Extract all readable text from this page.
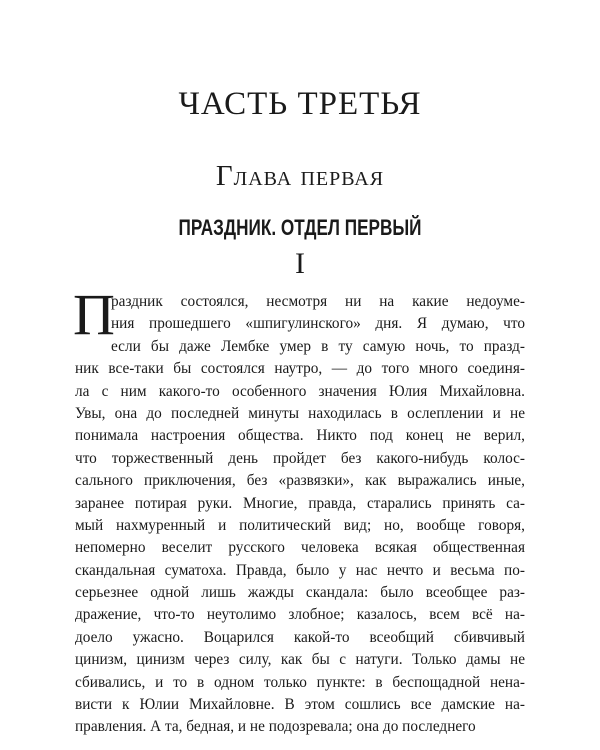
ЧАСТЬ ТРЕТЬЯ
Глава первая
ПРАЗДНИК. ОТДЕЛ ПЕРВЫЙ
I
П
раздник состоялся, несмотря ни на какие недоуме-
ния прошедшего «шпигулинского» дня. Я думаю, что
если бы даже Лембке умер в ту самую ночь, то празд-
ник все-таки бы состоялся наутро, — до того много соединя-
ла с ним какого-то особенного значения Юлия Михайловна.
Увы, она до последней минуты находилась в ослеплении и не
понимала настроения общества. Никто под конец не верил,
что торжественный день пройдет без какого-нибудь колос-
сального приключения, без «развязки», как выражались иные,
заранее потирая руки. Многие, правда, старались принять са-
мый нахмуренный и политический вид; но, вообще говоря,
непомерно веселит русского человека всякая общественная
скандальная суматоха. Правда, было у нас нечто и весьма по-
серьезнее одной лишь жажды скандала: было всеобщее раз-
дражение, что-то неутолимо злобное; казалось, всем всё на-
доело ужасно. Воцарился какой-то всеобщий сбивчивый
цинизм, цинизм через силу, как бы с натуги. Только дамы не
сбивались, и то в одном только пункте: в беспощадной нена-
висти к Юлии Михайловне. В этом сошлись все дамские на-
правления. А та, бедная, и не подозревала; она до последнего
